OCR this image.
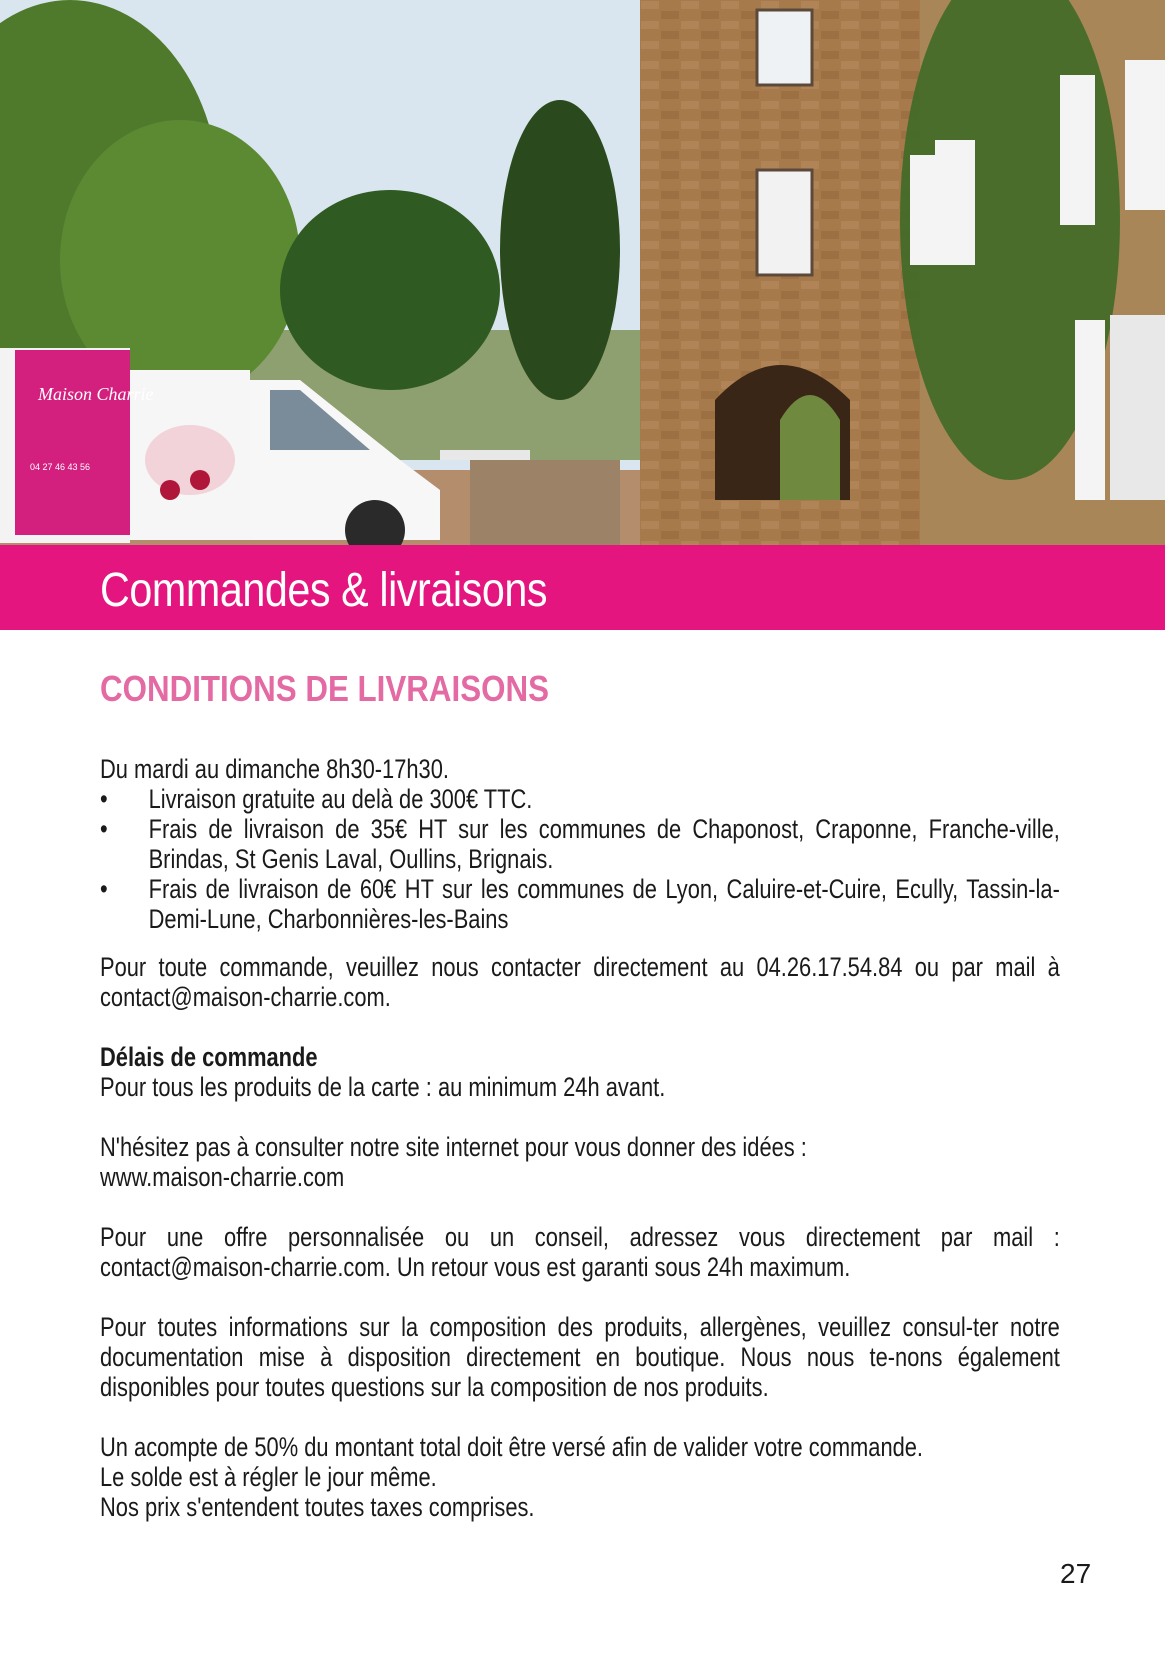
Maison Charrie
04 27 46 43 56
Commandes & livraisons
CONDITIONS DE LIVRAISONS

Du mardi au dimanche 8h30-17h30.

• Livraison gratuite au delà de 300€ TTC.
• Frais de livraison de 35€ HT sur les communes de Chaponost, Craponne, Franche-ville, Brindas, St Genis Laval, Oullins, Brignais.
• Frais de livraison de 60€ HT sur les communes de Lyon, Caluire-et-Cuire, Ecully, Tassin-la-Demi-Lune, Charbonnières-les-Bains

Pour toute commande, veuillez nous contacter directement au 04.26.17.54.84 ou par mail à contact@maison-charrie.com.

Délais de commande

Pour tous les produits de la carte : au minimum 24h avant.

N'hésitez pas à consulter notre site internet pour vous donner des idées :

www.maison-charrie.com

Pour une offre personnalisée ou un conseil, adressez vous directement par mail : contact@maison-charrie.com. Un retour vous est garanti sous 24h maximum.

Pour toutes informations sur la composition des produits, allergènes, veuillez consul-ter notre documentation mise à disposition directement en boutique. Nous nous te-nons également disponibles pour toutes questions sur la composition de nos produits.

Un acompte de 50% du montant total doit être versé afin de valider votre commande.

Le solde est à régler le jour même.

Nos prix s'entendent toutes taxes comprises.

27
